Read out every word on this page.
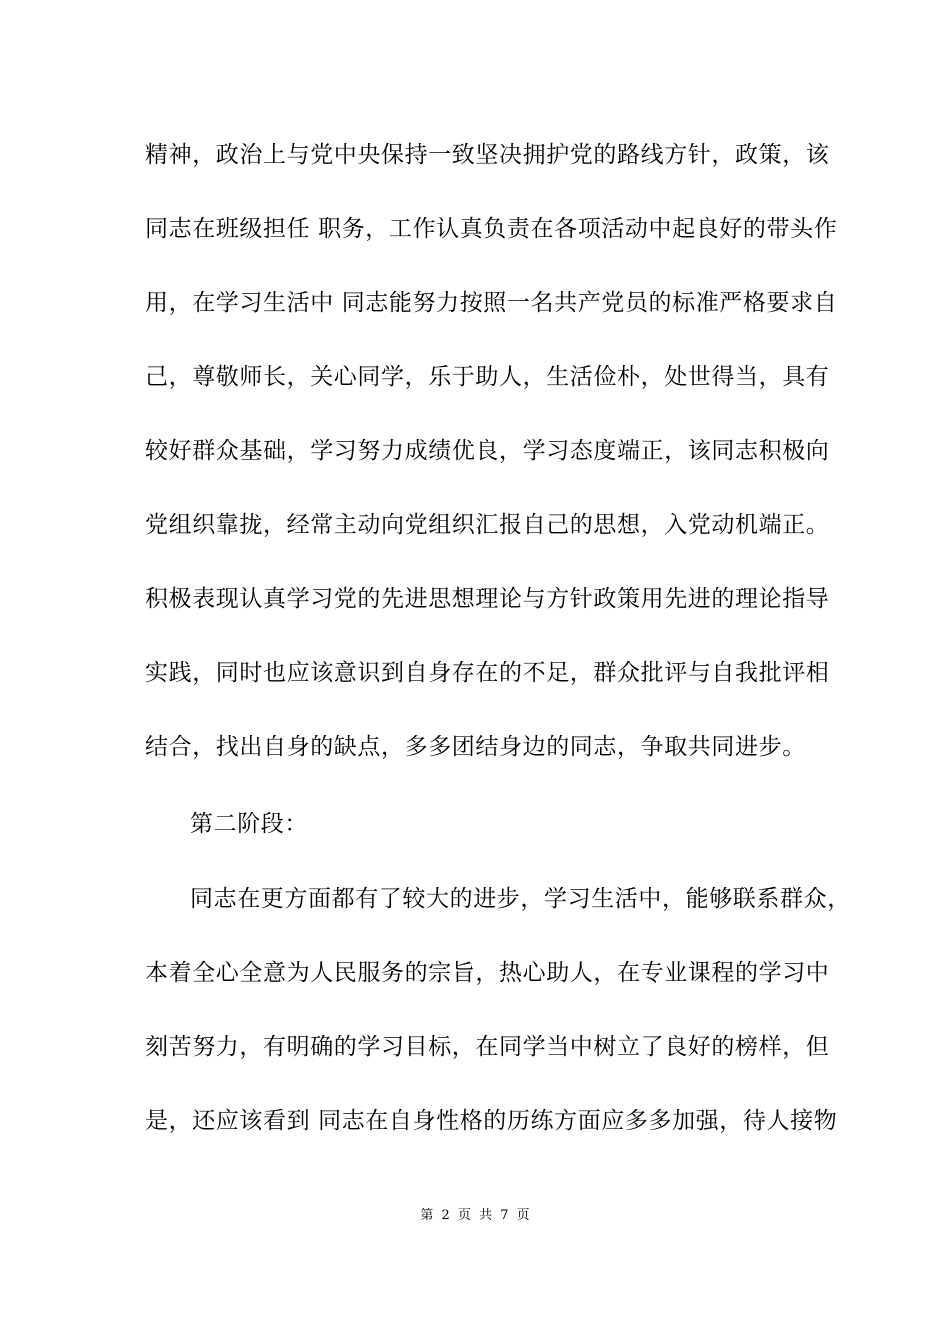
精神，政治上与党中央保持一致坚决拥护党的路线方针，政策，该
同志在班级担任 职务，工作认真负责在各项活动中起良好的带头作
用，在学习生活中 同志能努力按照一名共产党员的标准严格要求自
己，尊敬师长，关心同学，乐于助人，生活俭朴，处世得当，具有
较好群众基础，学习努力成绩优良，学习态度端正，该同志积极向
党组织靠拢，经常主动向党组织汇报自己的思想，入党动机端正。
积极表现认真学习党的先进思想理论与方针政策用先进的理论指导
实践，同时也应该意识到自身存在的不足，群众批评与自我批评相
结合，找出自身的缺点，多多团结身边的同志，争取共同进步。
第二阶段：
同志在更方面都有了较大的进步，学习生活中，能够联系群众，
本着全心全意为人民服务的宗旨，热心助人，在专业课程的学习中
刻苦努力，有明确的学习目标，在同学当中树立了良好的榜样，但
是，还应该看到 同志在自身性格的历练方面应多多加强，待人接物
第 2 页 共 7 页
